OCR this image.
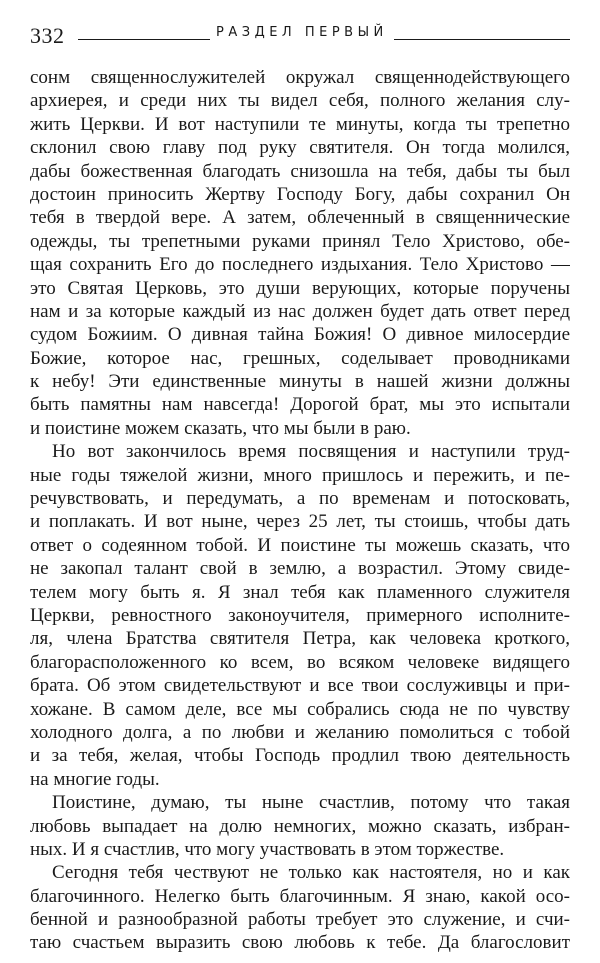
332	РАЗДЕЛ ПЕРВЫЙ
сонм священнослужителей окружал священнодействующего
архиерея, и среди них ты видел себя, полного желания слу-
жить Церкви. И вот наступили те минуты, когда ты трепетно
склонил свою главу под руку святителя. Он тогда молился,
дабы божественная благодать снизошла на тебя, дабы ты был
достоин приносить Жертву Господу Богу, дабы сохранил Он
тебя в твердой вере. А затем, облеченный в священнические
одежды, ты трепетными руками принял Тело Христово, обе-
щая сохранить Его до последнего издыхания. Тело Христово —
это Святая Церковь, это души верующих, которые поручены
нам и за которые каждый из нас должен будет дать ответ перед
судом Божиим. О дивная тайна Божия! О дивное милосердие
Божие, которое нас, грешных, соделывает проводниками
к небу! Эти единственные минуты в нашей жизни должны
быть памятны нам навсегда! Дорогой брат, мы это испытали
и поистине можем сказать, что мы были в раю.
Но вот закончилось время посвящения и наступили труд-
ные годы тяжелой жизни, много пришлось и пережить, и пе-
речувствовать, и передумать, а по временам и потосковать,
и поплакать. И вот ныне, через 25 лет, ты стоишь, чтобы дать
ответ о содеянном тобой. И поистине ты можешь сказать, что
не закопал талант свой в землю, а возрастил. Этому свиде-
телем могу быть я. Я знал тебя как пламенного служителя
Церкви, ревностного законоучителя, примерного исполните-
ля, члена Братства святителя Петра, как человека кроткого,
благорасположенного ко всем, во всяком человеке видящего
брата. Об этом свидетельствуют и все твои сослуживцы и при-
хожане. В самом деле, все мы собрались сюда не по чувству
холодного долга, а по любви и желанию помолиться с тобой
и за тебя, желая, чтобы Господь продлил твою деятельность
на многие годы.
Поистине, думаю, ты ныне счастлив, потому что такая
любовь выпадает на долю немногих, можно сказать, избран-
ных. И я счастлив, что могу участвовать в этом торжестве.
Сегодня тебя чествуют не только как настоятеля, но и как
благочинного. Нелегко быть благочинным. Я знаю, какой осо-
бенной и разнообразной работы требует это служение, и счи-
таю счастьем выразить свою любовь к тебе. Да благословит
